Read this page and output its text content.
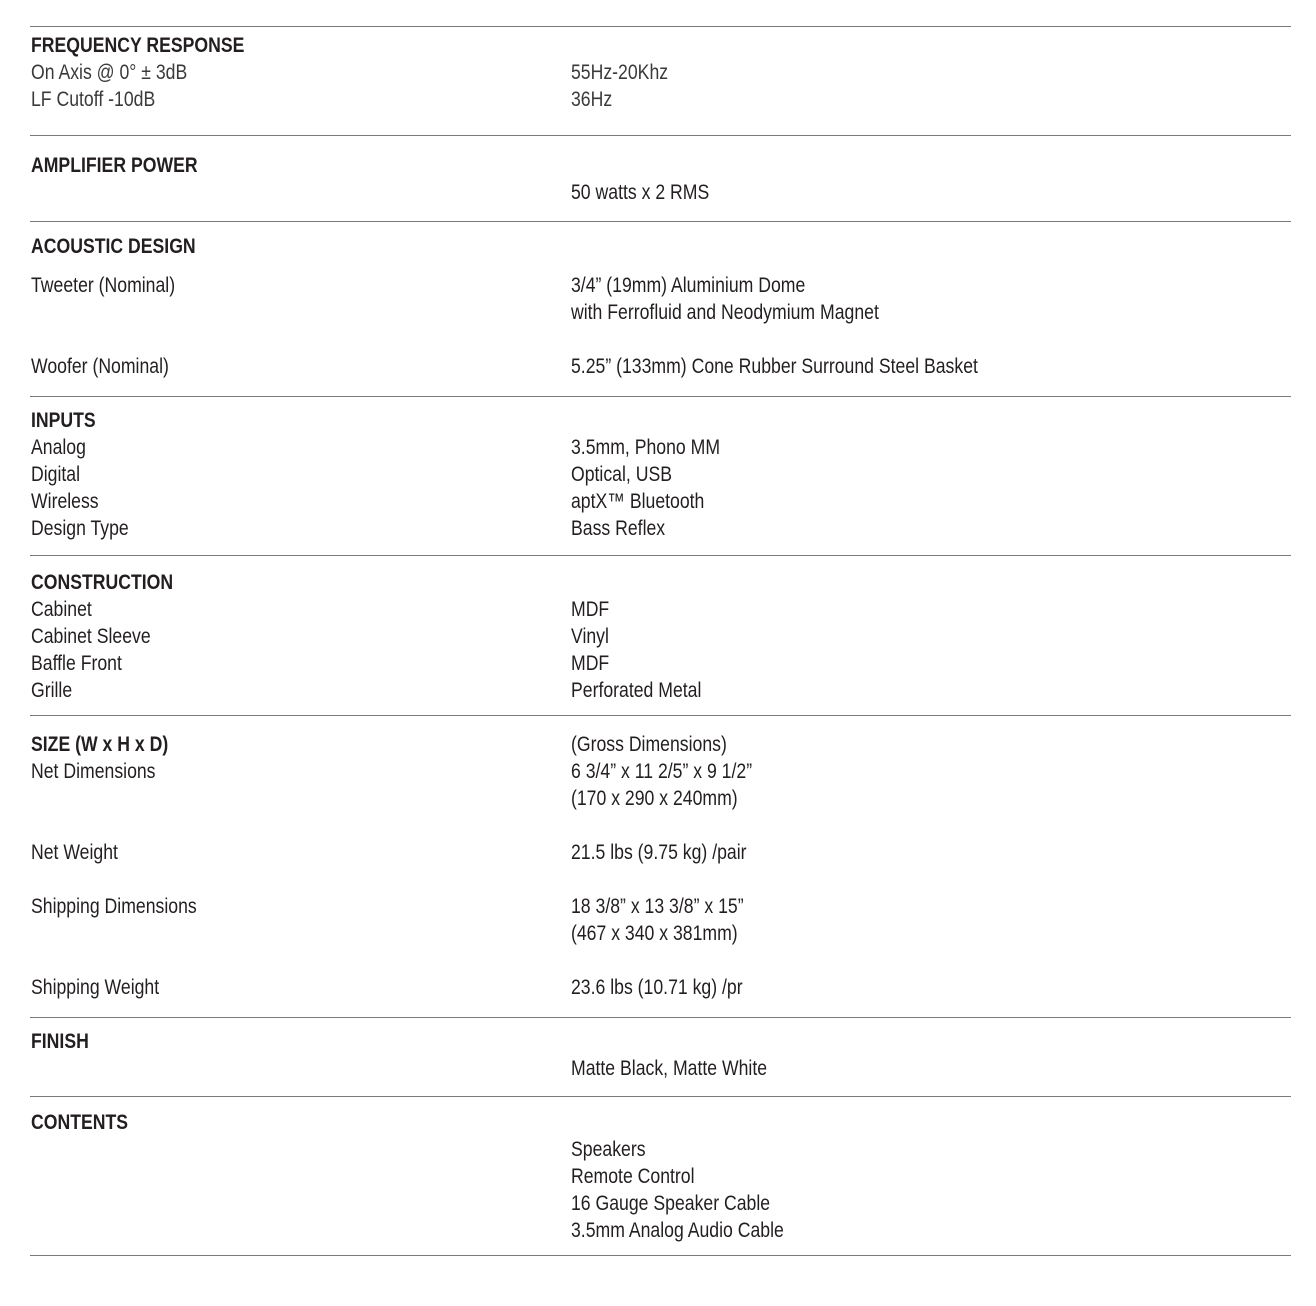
FREQUENCY RESPONSE
On Axis @ 0° ± 3dB	55Hz-20Khz
LF Cutoff -10dB	36Hz
AMPLIFIER POWER
50 watts x 2 RMS
ACOUSTIC DESIGN
Tweeter (Nominal)	3/4” (19mm) Aluminium Dome
with Ferrofluid and Neodymium Magnet
Woofer (Nominal)	5.25” (133mm) Cone Rubber Surround Steel Basket
INPUTS
Analog	3.5mm, Phono MM
Digital	Optical, USB
Wireless	aptX™ Bluetooth
Design Type	Bass Reflex
CONSTRUCTION
Cabinet	MDF
Cabinet Sleeve	Vinyl
Baffle Front	MDF
Grille	Perforated Metal
SIZE (W x H x D)	(Gross Dimensions)
Net Dimensions	6 3/4” x 11 2/5” x 9 1/2”
(170 x 290 x 240mm)
Net Weight	21.5 lbs (9.75 kg) /pair
Shipping Dimensions	18 3/8” x 13 3/8” x 15”
(467 x 340 x 381mm)
Shipping Weight	23.6 lbs (10.71 kg) /pr
FINISH
Matte Black, Matte White
CONTENTS
Speakers
Remote Control
16 Gauge Speaker Cable
3.5mm Analog Audio Cable
